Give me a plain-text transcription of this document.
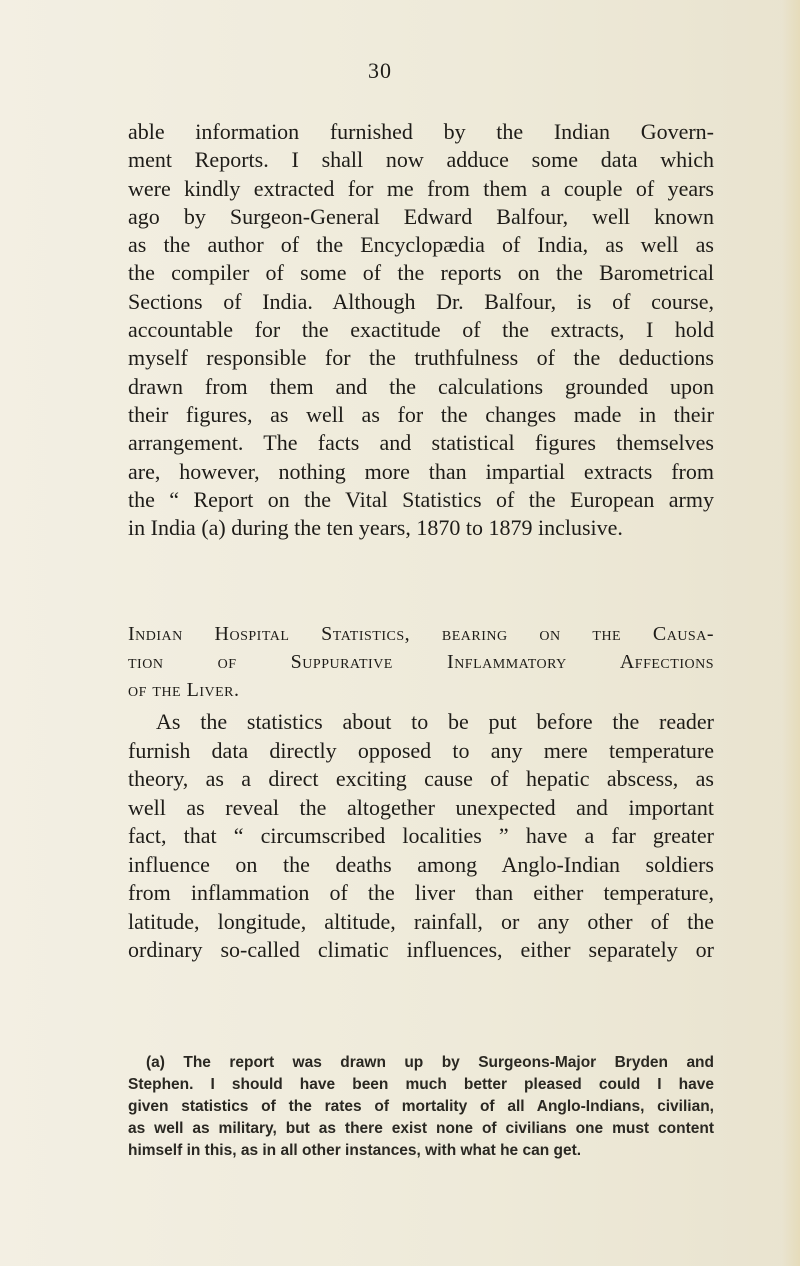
30

able information furnished by the Indian Govern-
ment Reports. I shall now adduce some data which
were kindly extracted for me from them a couple of years
ago by Surgeon-General Edward Balfour, well known
as the author of the Encyclopædia of India, as well as
the compiler of some of the reports on the Barometrical
Sections of India. Although Dr. Balfour, is of course,
accountable for the exactitude of the extracts, I hold
myself responsible for the truthfulness of the deductions
drawn from them and the calculations grounded upon
their figures, as well as for the changes made in their
arrangement. The facts and statistical figures themselves
are, however, nothing more than impartial extracts from
the “ Report on the Vital Statistics of the European army
in India (a) during the ten years, 1870 to 1879 inclusive.

Indian Hospital Statistics, bearing on the Causa-
tion of Suppurative Inflammatory Affections
of the Liver.

As the statistics about to be put before the reader
furnish data directly opposed to any mere temperature
theory, as a direct exciting cause of hepatic abscess, as
well as reveal the altogether unexpected and important
fact, that “ circumscribed localities ” have a far greater
influence on the deaths among Anglo-Indian soldiers
from inflammation of the liver than either temperature,
latitude, longitude, altitude, rainfall, or any other of the
ordinary so-called climatic influences, either separately or

(a) The report was drawn up by Surgeons-Major Bryden and
Stephen. I should have been much better pleased could I have
given statistics of the rates of mortality of all Anglo-Indians, civilian,
as well as military, but as there exist none of civilians one must content
himself in this, as in all other instances, with what he can get.
